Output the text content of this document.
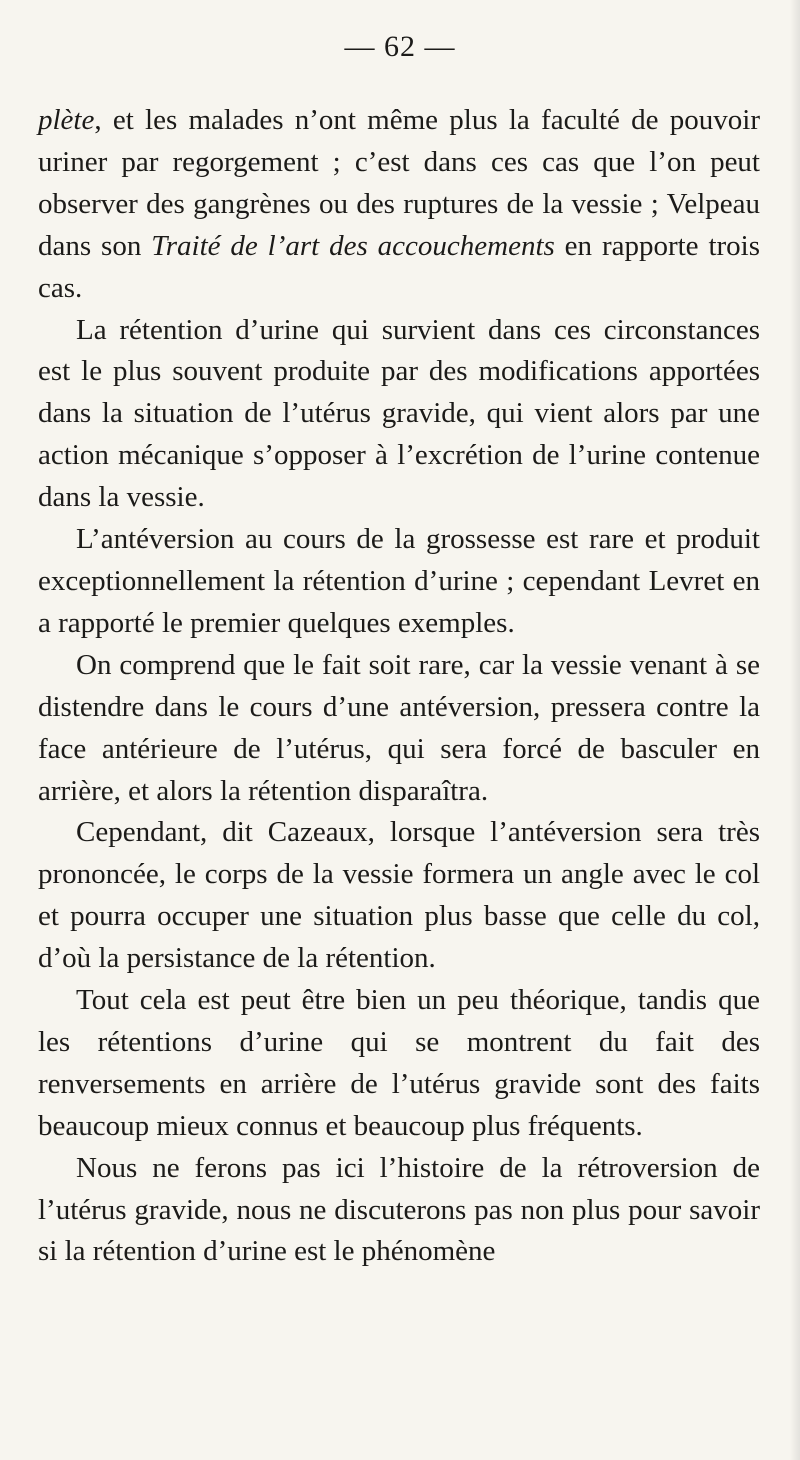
— 62 —

plète, et les malades n’ont même plus la faculté de pouvoir uriner par regorgement ; c’est dans ces cas que l’on peut observer des gangrènes ou des ruptures de la vessie ; Velpeau dans son Traité de l’art des accouchements en rapporte trois cas.

La rétention d’urine qui survient dans ces circonstances est le plus souvent produite par des modifications apportées dans la situation de l’utérus gravide, qui vient alors par une action mécanique s’opposer à l’excrétion de l’urine contenue dans la vessie.

L’antéversion au cours de la grossesse est rare et produit exceptionnellement la rétention d’urine ; cependant Levret en a rapporté le premier quelques exemples.

On comprend que le fait soit rare, car la vessie venant à se distendre dans le cours d’une antéversion, pressera contre la face antérieure de l’utérus, qui sera forcé de basculer en arrière, et alors la rétention disparaîtra.

Cependant, dit Cazeaux, lorsque l’antéversion sera très prononcée, le corps de la vessie formera un angle avec le col et pourra occuper une situation plus basse que celle du col, d’où la persistance de la rétention.

Tout cela est peut être bien un peu théorique, tandis que les rétentions d’urine qui se montrent du fait des renversements en arrière de l’utérus gravide sont des faits beaucoup mieux connus et beaucoup plus fréquents.

Nous ne ferons pas ici l’histoire de la rétroversion de l’utérus gravide, nous ne discuterons pas non plus pour savoir si la rétention d’urine est le phénomène
